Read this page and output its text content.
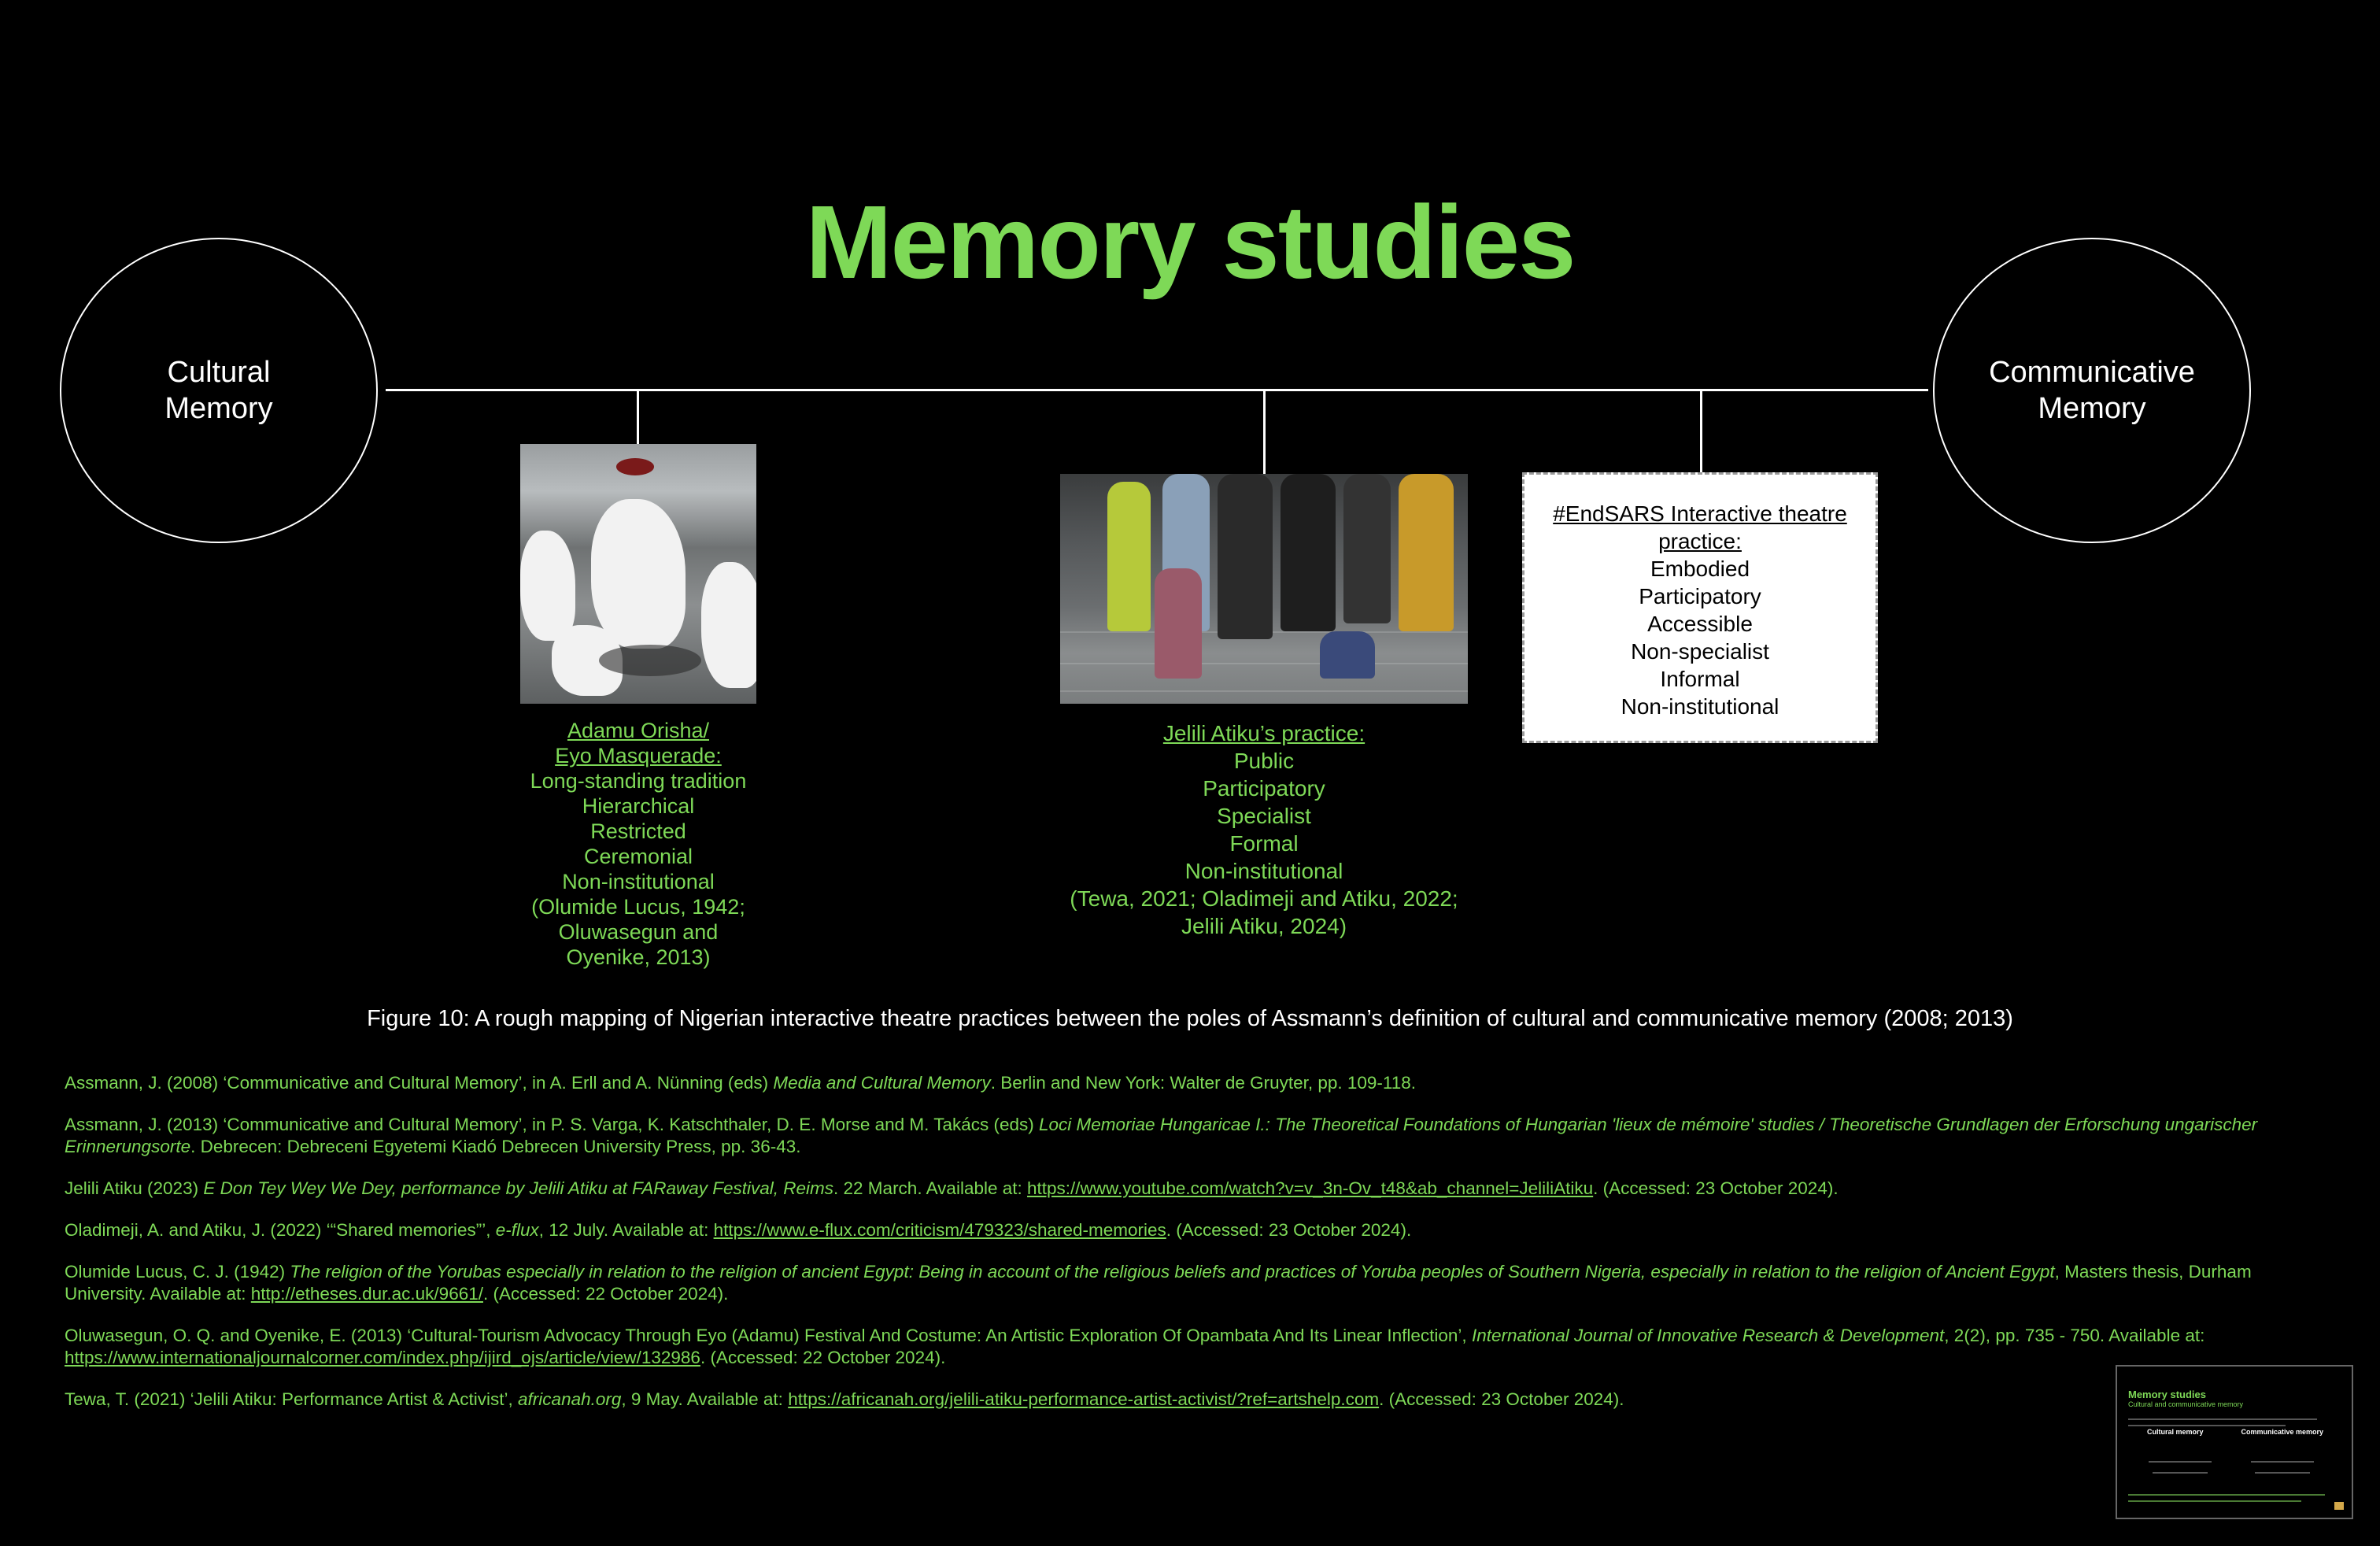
Memory studies
Cultural
Memory
Communicative
Memory
Adamu Orisha/
Eyo Masquerade:
Long-standing tradition
Hierarchical
Restricted
Ceremonial
Non-institutional
(Olumide Lucus, 1942;
Oluwasegun and
Oyenike, 2013)
Jelili Atiku’s practice:
Public
Participatory
Specialist
Formal
Non-institutional
(Tewa, 2021; Oladimeji and Atiku, 2022;
Jelili Atiku, 2024)
#EndSARS Interactive theatre
practice:
Embodied
Participatory
Accessible
Non-specialist
Informal
Non-institutional
Figure 10: A rough mapping of Nigerian interactive theatre practices between the poles of Assmann’s definition of cultural and communicative memory (2008; 2013)
Assmann, J. (2008) ‘Communicative and Cultural Memory’, in A. Erll and A. Nünning (eds) Media and Cultural Memory. Berlin and New York: Walter de Gruyter, pp. 109-118.
Assmann, J. (2013) ‘Communicative and Cultural Memory’, in P. S. Varga, K. Katschthaler, D. E. Morse and M. Takács (eds) Loci Memoriae Hungaricae I.: The Theoretical Foundations of Hungarian 'lieux de mémoire' studies / Theoretische Grundlagen der Erforschung ungarischer Erinnerungsorte. Debrecen: Debreceni Egyetemi Kiadó Debrecen University Press, pp. 36-43.
Jelili Atiku (2023) E Don Tey Wey We Dey, performance by Jelili Atiku at FARaway Festival, Reims. 22 March. Available at: https://www.youtube.com/watch?v=v_3n-Ov_t48&ab_channel=JeliliAtiku. (Accessed: 23 October 2024).
Oladimeji, A. and Atiku, J. (2022) ‘“Shared memories”’, e-flux, 12 July. Available at: https://www.e-flux.com/criticism/479323/shared-memories. (Accessed: 23 October 2024).
Olumide Lucus, C. J. (1942) The religion of the Yorubas especially in relation to the religion of ancient Egypt: Being in account of the religious beliefs and practices of Yoruba peoples of Southern Nigeria, especially in relation to the religion of Ancient Egypt, Masters thesis, Durham University. Available at: http://etheses.dur.ac.uk/9661/. (Accessed: 22 October 2024).
Oluwasegun, O. Q. and Oyenike, E. (2013) ‘Cultural-Tourism Advocacy Through Eyo (Adamu) Festival And Costume: An Artistic Exploration Of Opambata And Its Linear Inflection’, International Journal of Innovative Research & Development, 2(2), pp. 735 - 750. Available at: https://www.internationaljournalcorner.com/index.php/ijird_ojs/article/view/132986. (Accessed: 22 October 2024).
Tewa, T. (2021) ‘Jelili Atiku: Performance Artist & Activist’, africanah.org, 9 May. Available at: https://africanah.org/jelili-atiku-performance-artist-activist/?ref=artshelp.com. (Accessed: 23 October 2024).	Memory studies
Cultural and communicative memory
Cultural memory	Communicative memory
